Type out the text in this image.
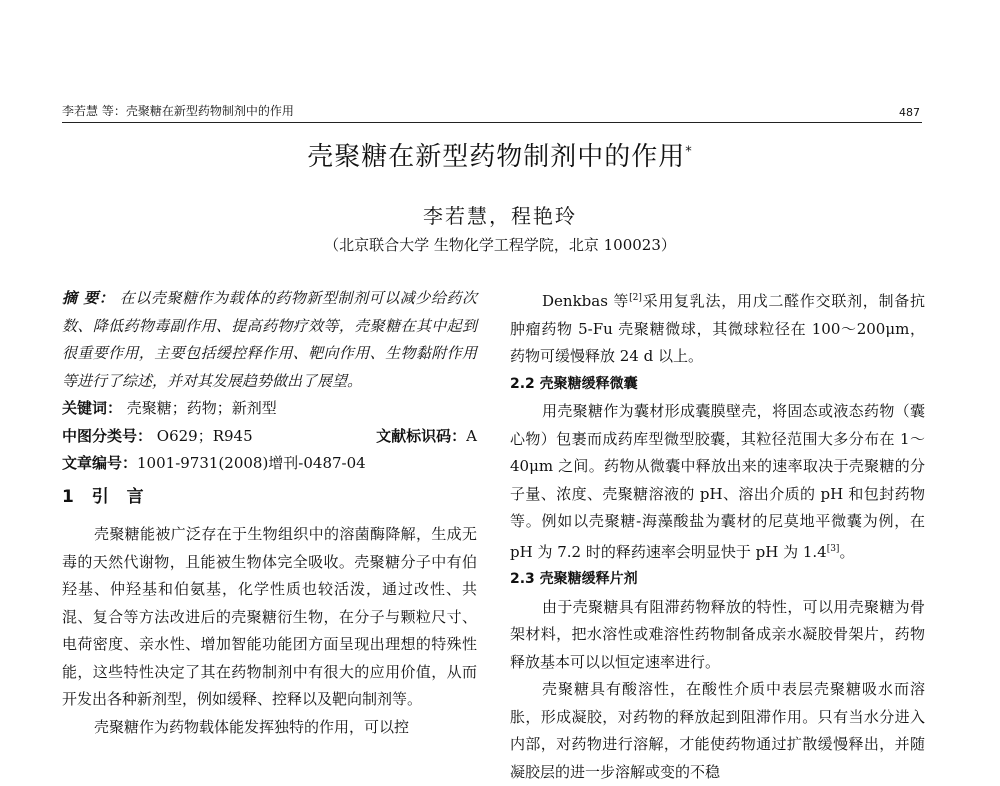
李若慧 等：壳聚糖在新型药物制剂中的作用	487
壳聚糖在新型药物制剂中的作用*
李若慧，程艳玲
（北京联合大学 生物化学工程学院，北京 100023）
摘 要： 在以壳聚糖作为载体的药物新型制剂可以减少给药次数、降低药物毒副作用、提高药物疗效等，壳聚糖在其中起到很重要作用，主要包括缓控释作用、靶向作用、生物黏附作用等进行了综述，并对其发展趋势做出了展望。
关键词： 壳聚糖；药物；新剂型
中图分类号： O629；R945	文献标识码：A
文章编号：1001-9731(2008)增刊-0487-04
1 引 言
壳聚糖能被广泛存在于生物组织中的溶菌酶降解，生成无毒的天然代谢物，且能被生物体完全吸收。壳聚糖分子中有伯羟基、仲羟基和伯氨基，化学性质也较活泼，通过改性、共混、复合等方法改进后的壳聚糖衍生物，在分子与颗粒尺寸、电荷密度、亲水性、增加智能功能团方面呈现出理想的特殊性能，这些特性决定了其在药物制剂中有很大的应用价值，从而开发出各种新剂型，例如缓释、控释以及靶向制剂等。
壳聚糖作为药物载体能发挥独特的作用，可以控
Denkbas 等[2]采用复乳法，用戊二醛作交联剂，制备抗肿瘤药物 5-Fu 壳聚糖微球，其微球粒径在 100～200μm，药物可缓慢释放 24 d 以上。
2.2 壳聚糖缓释微囊
用壳聚糖作为囊材形成囊膜壁壳，将固态或液态药物（囊心物）包裹而成药库型微型胶囊，其粒径范围大多分布在 1～40μm 之间。药物从微囊中释放出来的速率取决于壳聚糖的分子量、浓度、壳聚糖溶液的 pH、溶出介质的 pH 和包封药物等。例如以壳聚糖-海藻酸盐为囊材的尼莫地平微囊为例，在 pH 为 7.2 时的释药速率会明显快于 pH 为 1.4[3]。
2.3 壳聚糖缓释片剂
由于壳聚糖具有阻滞药物释放的特性，可以用壳聚糖为骨架材料，把水溶性或难溶性药物制备成亲水凝胶骨架片，药物释放基本可以以恒定速率进行。
壳聚糖具有酸溶性，在酸性介质中表层壳聚糖吸水而溶胀，形成凝胶，对药物的释放起到阻滞作用。只有当水分进入内部，对药物进行溶解，才能使药物通过扩散缓慢释出，并随凝胶层的进一步溶解或变的不稳
